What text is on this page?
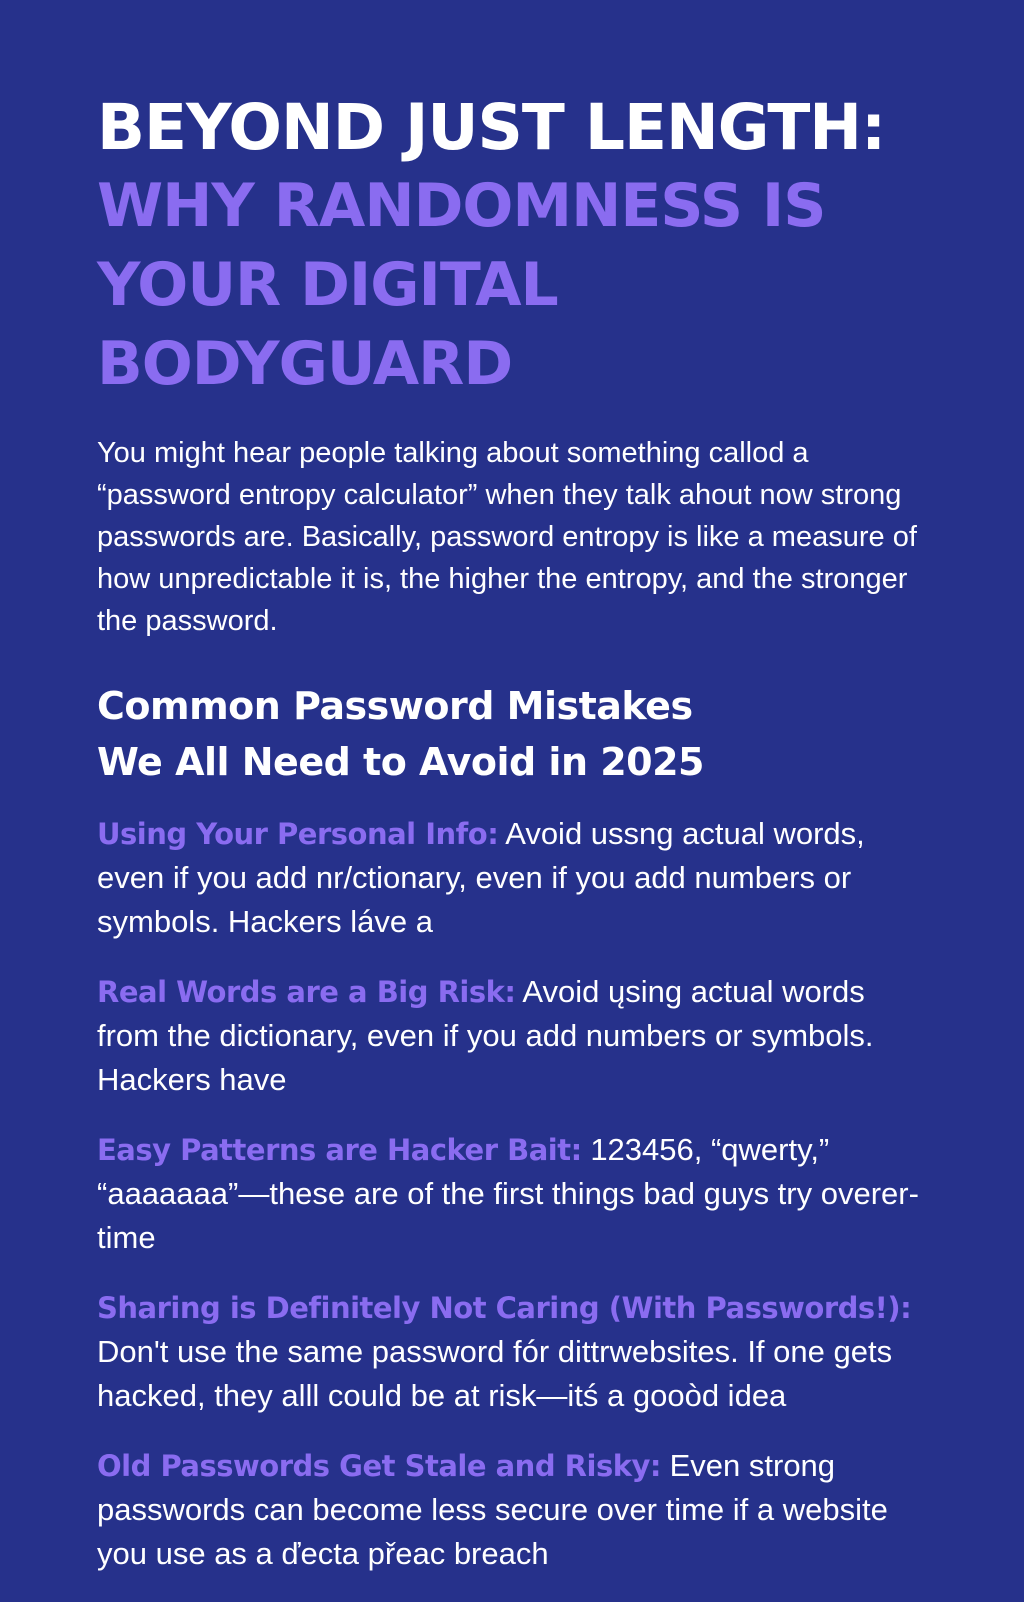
BEYOND JUST LENGTH:
WHY RANDOMNESS IS
YOUR DIGITAL BODYGUARD

You might hear people talking about something callod a “password entropy calculator” when they talk ahout now strong passwords are. Basically, password entropy is like a measure of how unpredictable it is, the higher the entropy, and the stronger the password.

Common Password Mistakes
We All Need to Avoid in 2025
Using Your Personal Info: Avoid ussng actual words, even if you add nr/ctionary, even if you add numbers or symbols. Hackers láve a
Real Words are a Big Risk: Avoid ųsing actual words from the dictionary, even if you add numbers or symbols. Hackers have
Easy Patterns are Hacker Bait: 123456, “qwerty,” “aaaaaaa”—these are of the first things bad guys try overer-time
Sharing is Definitely Not Caring (With Passwords!): Don't use the same password fór dittrwebsites. If one gets hacked, they alll could be at risk—itś a gooòd idea
Old Passwords Get Stale and Risky: Even strong passwords can become less secure over time if a website you use as a ďecta přeac breach
